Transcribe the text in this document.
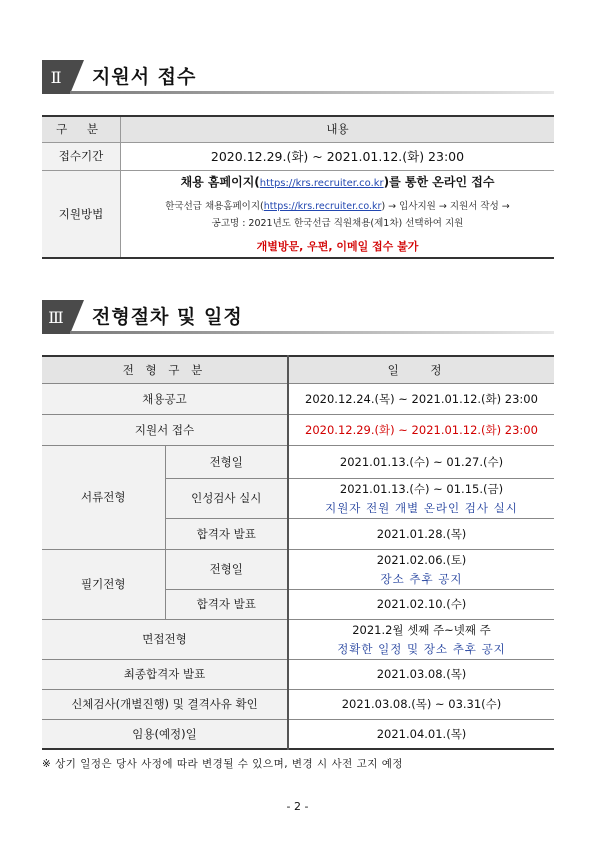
Ⅱ	지원서 접수
구 분	내용
접수기간	2020.12.29.(화) ~ 2021.01.12.(화) 23:00
지원방법	채용 홈페이지(https://krs.recruiter.co.kr)를 통한 온라인 접수
한국선급 채용홈페이지(https://krs.recruiter.co.kr) → 입사지원 → 지원서 작성 →
공고명 : 2021년도 한국선급 직원채용(제1차) 선택하여 지원
개별방문, 우편, 이메일 접수 불가
Ⅲ	전형절차 및 일정
전 형 구 분		일 정
채용공고		2020.12.24.(목) ~ 2021.01.12.(화) 23:00
지원서 접수		2020.12.29.(화) ~ 2021.01.12.(화) 23:00
서류전형	전형일	2021.01.13.(수) ~ 01.27.(수)
	인성검사 실시	2021.01.13.(수) ~ 01.15.(금)
지원자 전원 개별 온라인 검사 실시

	합격자 발표	2021.01.28.(목)
필기전형	전형일	2021.02.06.(토)
장소 추후 공지

	합격자 발표	2021.02.10.(수)
면접전형		2021.2월 셋째 주~넷째 주
정확한 일정 및 장소 추후 공지

최종합격자 발표		2021.03.08.(목)
신체검사(개별진행) 및 결격사유 확인		2021.03.08.(목) ~ 03.31(수)
임용(예정)일		2021.04.01.(목)
※ 상기 일정은 당사 사정에 따라 변경될 수 있으며, 변경 시 사전 고지 예정
- 2 -
